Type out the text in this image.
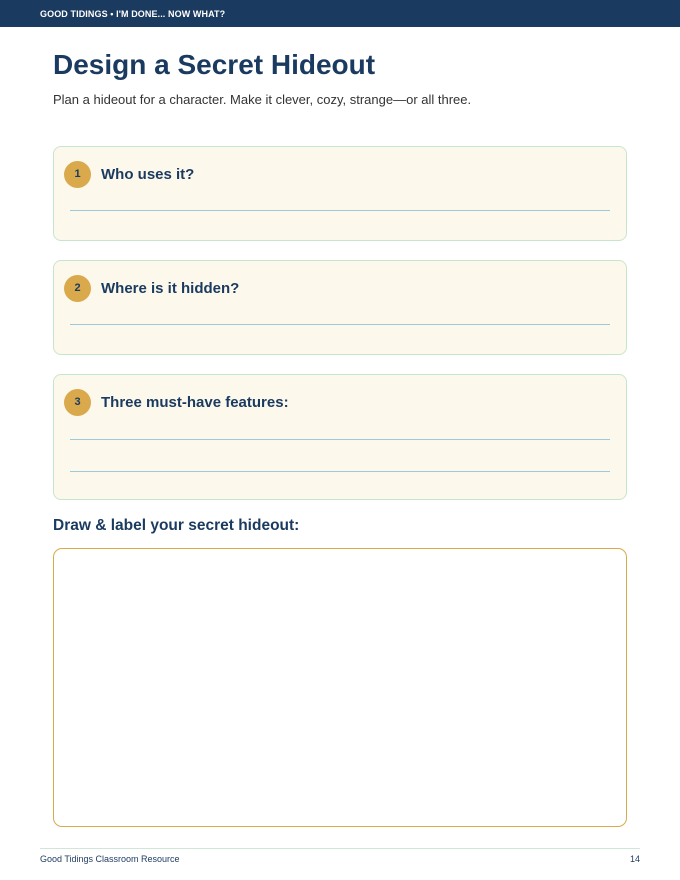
GOOD TIDINGS • I'M DONE... NOW WHAT?
Design a Secret Hideout

Plan a hideout for a character. Make it clever, cozy, strange—or all three.

1	Who uses it?
2	Where is it hidden?
3	Three must-have features:
Draw & label your secret hideout:
Good Tidings Classroom Resource	14
